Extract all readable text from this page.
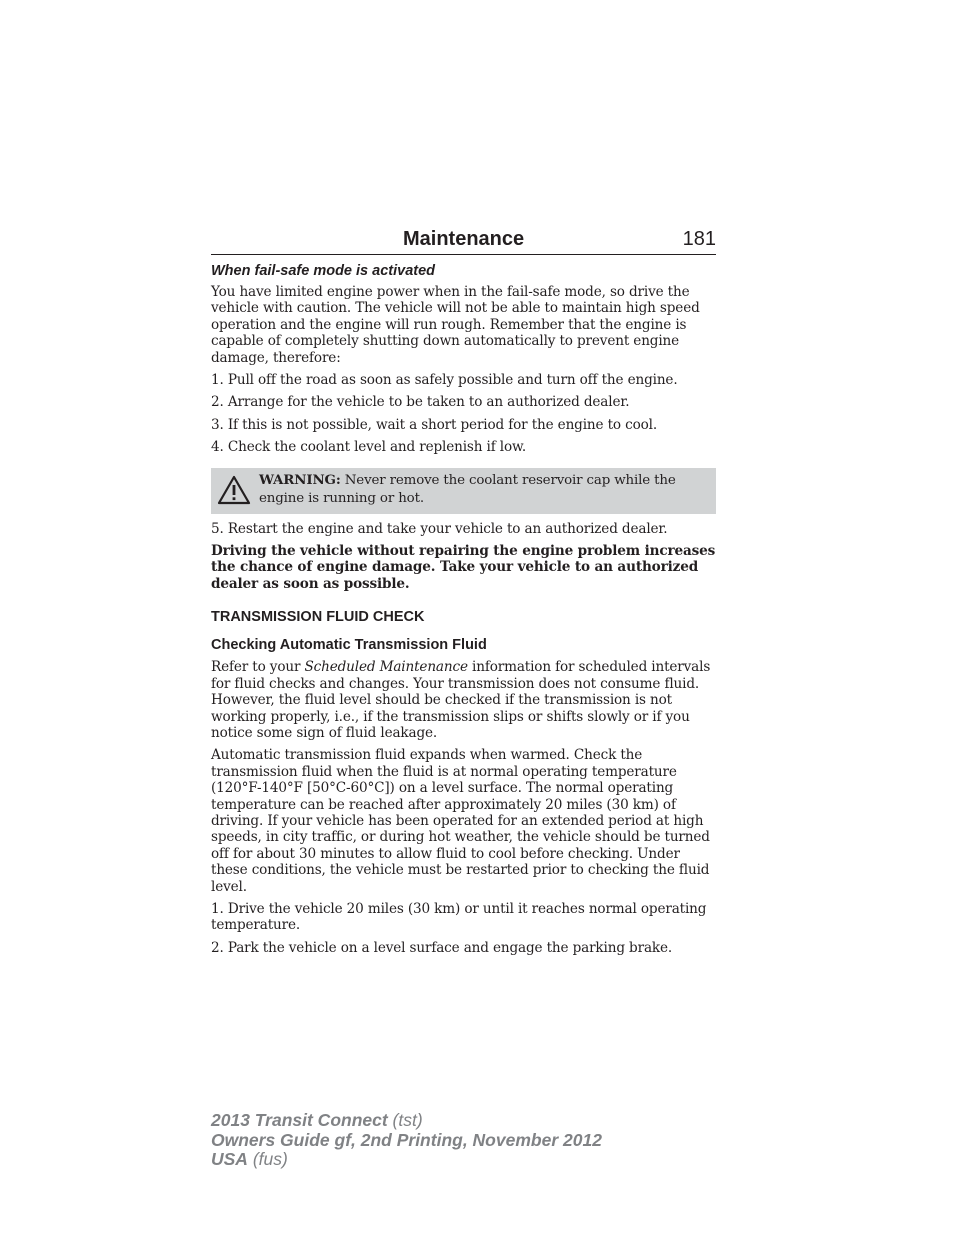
Maintenance	181
When fail-safe mode is activated

You have limited engine power when in the fail-safe mode, so drive the vehicle with caution. The vehicle will not be able to maintain high speed operation and the engine will run rough. Remember that the engine is capable of completely shutting down automatically to prevent engine damage, therefore:

1. Pull off the road as soon as safely possible and turn off the engine.

2. Arrange for the vehicle to be taken to an authorized dealer.

3. If this is not possible, wait a short period for the engine to cool.

4. Check the coolant level and replenish if low.

WARNING: Never remove the coolant reservoir cap while the engine is running or hot.

5. Restart the engine and take your vehicle to an authorized dealer.

Driving the vehicle without repairing the engine problem increases the chance of engine damage. Take your vehicle to an authorized dealer as soon as possible.

TRANSMISSION FLUID CHECK
Checking Automatic Transmission Fluid

Refer to your Scheduled Maintenance information for scheduled intervals for fluid checks and changes. Your transmission does not consume fluid. However, the fluid level should be checked if the transmission is not working properly, i.e., if the transmission slips or shifts slowly or if you notice some sign of fluid leakage.

Automatic transmission fluid expands when warmed. Check the transmission fluid when the fluid is at normal operating temperature (120°F-140°F [50°C-60°C]) on a level surface. The normal operating temperature can be reached after approximately 20 miles (30 km) of driving. If your vehicle has been operated for an extended period at high speeds, in city traffic, or during hot weather, the vehicle should be turned off for about 30 minutes to allow fluid to cool before checking. Under these conditions, the vehicle must be restarted prior to checking the fluid level.

1. Drive the vehicle 20 miles (30 km) or until it reaches normal operating temperature.

2. Park the vehicle on a level surface and engage the parking brake.

2013 Transit Connect (tst)
Owners Guide gf, 2nd Printing, November 2012
USA (fus)
